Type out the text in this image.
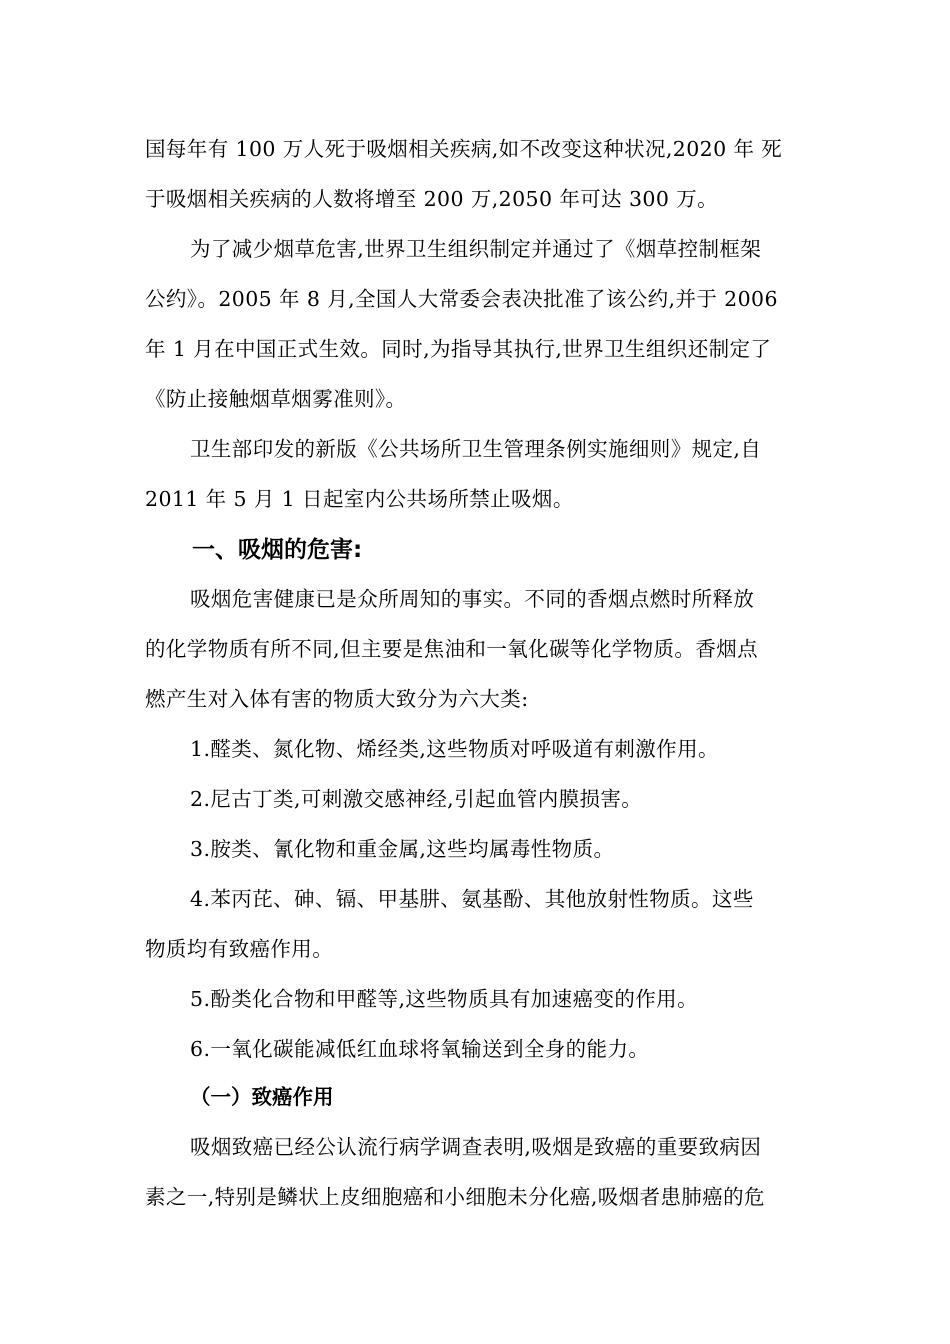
国每年有 100 万人死于吸烟相关疾病,如不改变这种状况,2020 年 死
于吸烟相关疾病的人数将增至 200 万,2050 年可达 300 万。
为了减少烟草危害,世界卫生组织制定并通过了《烟草控制框架
公约》。2005 年 8 月,全国人大常委会表决批准了该公约,并于 2006
年 1 月在中国正式生效。同时,为指导其执行,世界卫生组织还制定了
《防止接触烟草烟雾准则》。
卫生部印发的新版《公共场所卫生管理条例实施细则》规定,自
2011 年 5 月 1 日起室内公共场所禁止吸烟。
一、吸烟的危害:
吸烟危害健康已是众所周知的事实。不同的香烟点燃时所释放
的化学物质有所不同,但主要是焦油和一氧化碳等化学物质。香烟点
燃产生对入体有害的物质大致分为六大类:
1.醛类、氮化物、烯经类,这些物质对呼吸道有刺激作用。
2.尼古丁类,可刺激交感神经,引起血管内膜损害。
3.胺类、氰化物和重金属,这些均属毒性物质。
4.苯丙芘、砷、镉、甲基肼、氨基酚、其他放射性物质。这些
物质均有致癌作用。
5.酚类化合物和甲醛等,这些物质具有加速癌变的作用。
6.一氧化碳能减低红血球将氧输送到全身的能力。
（一）致癌作用
吸烟致癌已经公认流行病学调查表明,吸烟是致癌的重要致病因
素之一,特别是鳞状上皮细胞癌和小细胞未分化癌,吸烟者患肺癌的危
